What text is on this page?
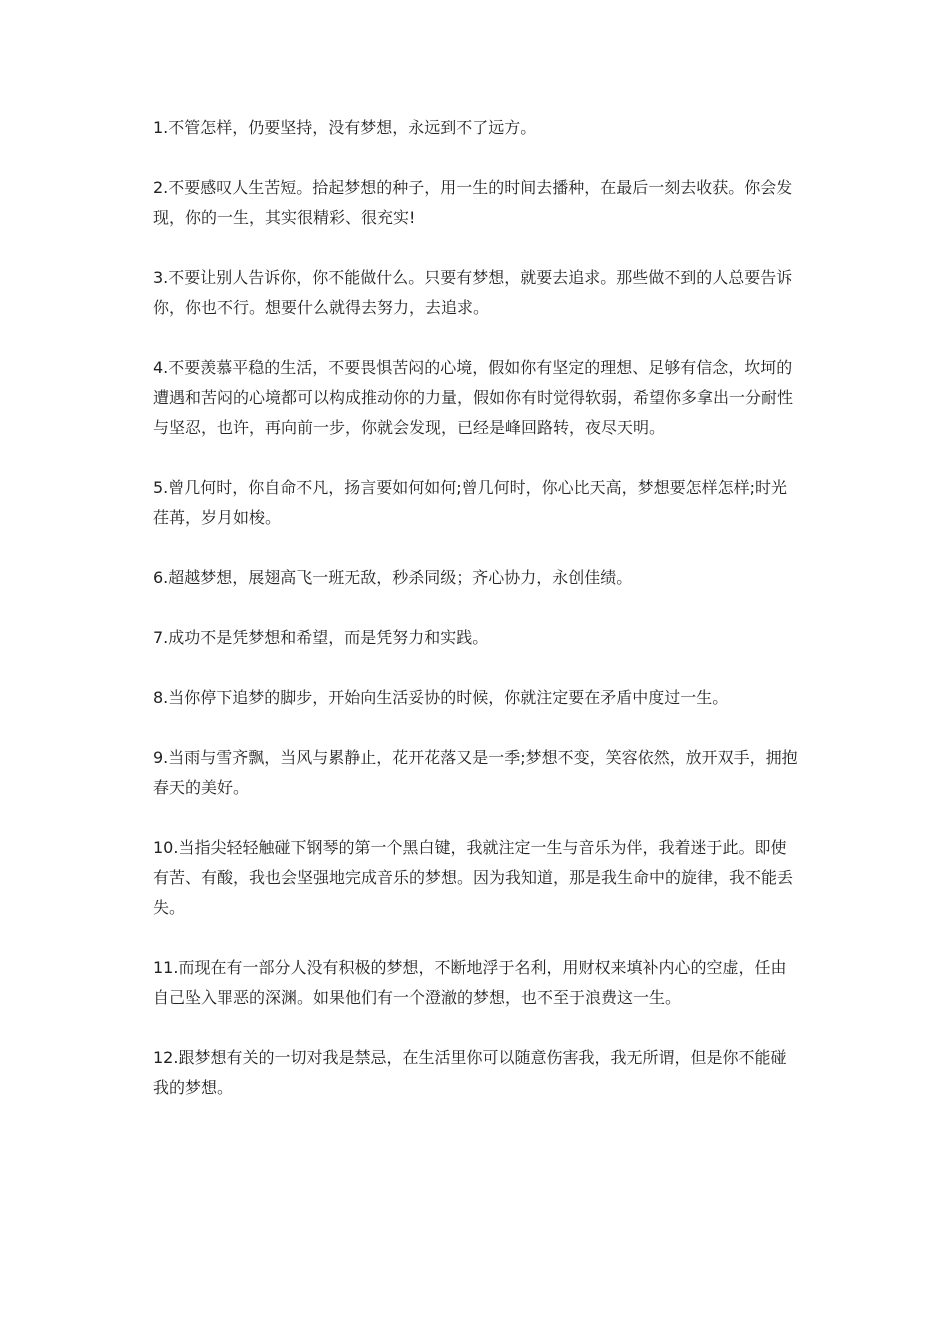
1.不管怎样，仍要坚持，没有梦想，永远到不了远方。

2.不要感叹人生苦短。拾起梦想的种子，用一生的时间去播种，在最后一刻去收获。你会发现，你的一生，其实很精彩、很充实!

3.不要让别人告诉你，你不能做什么。只要有梦想，就要去追求。那些做不到的人总要告诉你，你也不行。想要什么就得去努力，去追求。

4.不要羡慕平稳的生活，不要畏惧苦闷的心境，假如你有坚定的理想、足够有信念，坎坷的遭遇和苦闷的心境都可以构成推动你的力量，假如你有时觉得软弱，希望你多拿出一分耐性与坚忍，也许，再向前一步，你就会发现，已经是峰回路转，夜尽天明。

5.曾几何时，你自命不凡，扬言要如何如何;曾几何时，你心比天高，梦想要怎样怎样;时光荏苒，岁月如梭。

6.超越梦想，展翅高飞一班无敌，秒杀同级；齐心协力，永创佳绩。

7.成功不是凭梦想和希望，而是凭努力和实践。

8.当你停下追梦的脚步，开始向生活妥协的时候，你就注定要在矛盾中度过一生。

9.当雨与雪齐飘，当风与累静止，花开花落又是一季;梦想不变，笑容依然，放开双手，拥抱春天的美好。

10.当指尖轻轻触碰下钢琴的第一个黑白键，我就注定一生与音乐为伴，我着迷于此。即使有苦、有酸，我也会坚强地完成音乐的梦想。因为我知道，那是我生命中的旋律，我不能丢失。

11.而现在有一部分人没有积极的梦想，不断地浮于名利，用财权来填补内心的空虚，任由自己坠入罪恶的深渊。如果他们有一个澄澈的梦想，也不至于浪费这一生。

12.跟梦想有关的一切对我是禁忌，在生活里你可以随意伤害我，我无所谓，但是你不能碰我的梦想。
